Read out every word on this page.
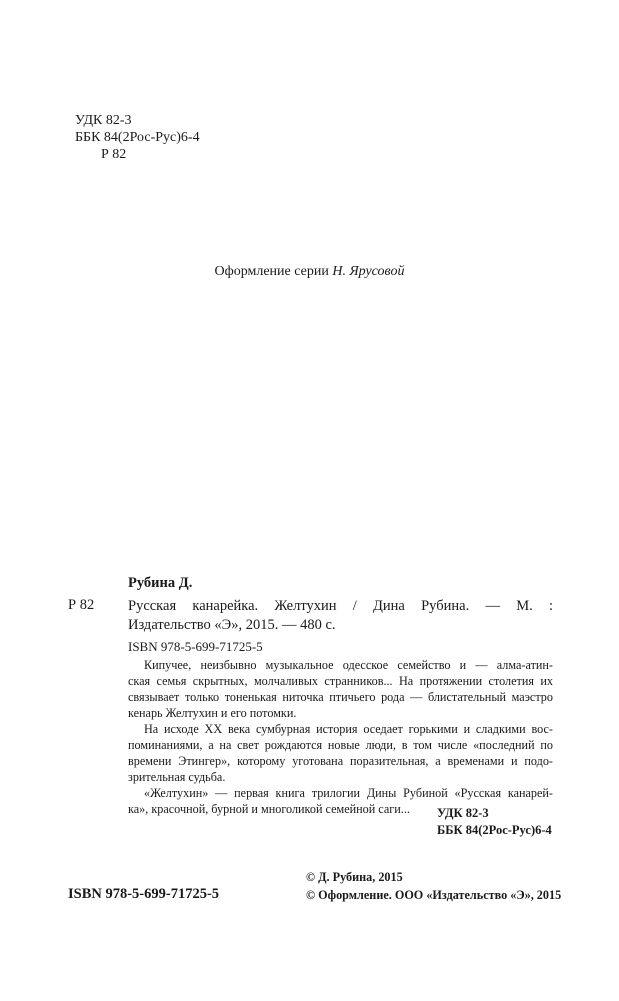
УДК 82-3
ББК 84(2Рос-Рус)6-4
Р 82
Оформление серии Н. Ярусовой
Рубина Д.
Р 82 Русская канарейка. Желтухин / Дина Рубина. — М. :
Издательство «Э», 2015. — 480 с.
ISBN 978-5-699-71725-5

Кипучее, неизбывно музыкальное одесское семейство и — алма-атин-
ская семья скрытных, молчаливых странников... На протяжении столетия их
связывает только тоненькая ниточка птичьего рода — блистательный маэстро
кенарь Желтухин и его потомки.

На исходе XX века сумбурная история оседает горькими и сладкими вос-
поминаниями, а на свет рождаются новые люди, в том числе «последний по
времени Этингер», которому уготована поразительная, а временами и подо-
зрительная судьба.

«Желтухин» — первая книга трилогии Дины Рубиной «Русская канарей-
ка», красочной, бурной и многоликой семейной саги...	УДК 82-3
ББК 84(2Рос-Рус)6-4
© Д. Рубина, 2015
© Оформление. ООО «Издательство «Э», 2015
ISBN 978-5-699-71725-5
